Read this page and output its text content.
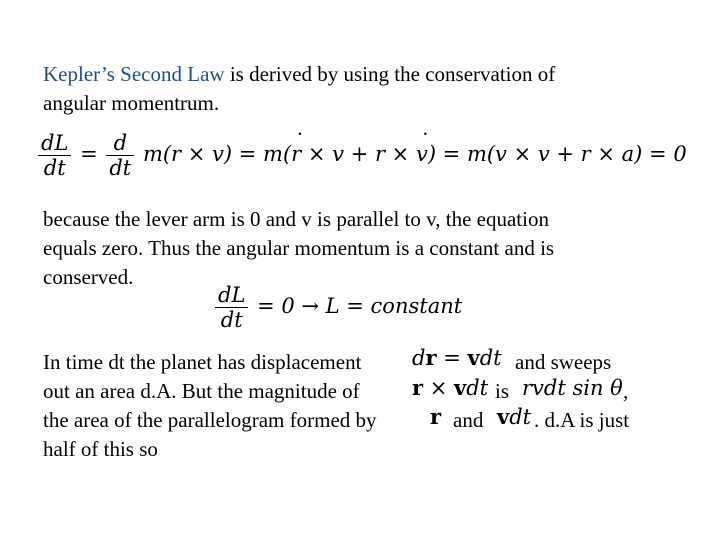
Kepler’s Second Law is derived by using the conservation of
angular momentrum.
$\frac{dL}{dt} = \frac{d}{dt} m(r \times v) = m(r$ ˙ × v + r × v ˙) = m(v × v + r × a) = 0
because the lever arm is 0 and v is parallel to v, the equation
equals zero. Thus the angular momentum is a constant and is
conserved.
$\frac{dL}{dt} = 0 \to L$ = constant
In time dt the planet has displacement dr = vdt and sweeps
out an area d.A. But the magnitude of r × vdt is rvdt sin θ ,
the area of the parallelogram formed by	r and vdt . d.A is just
half of this so
